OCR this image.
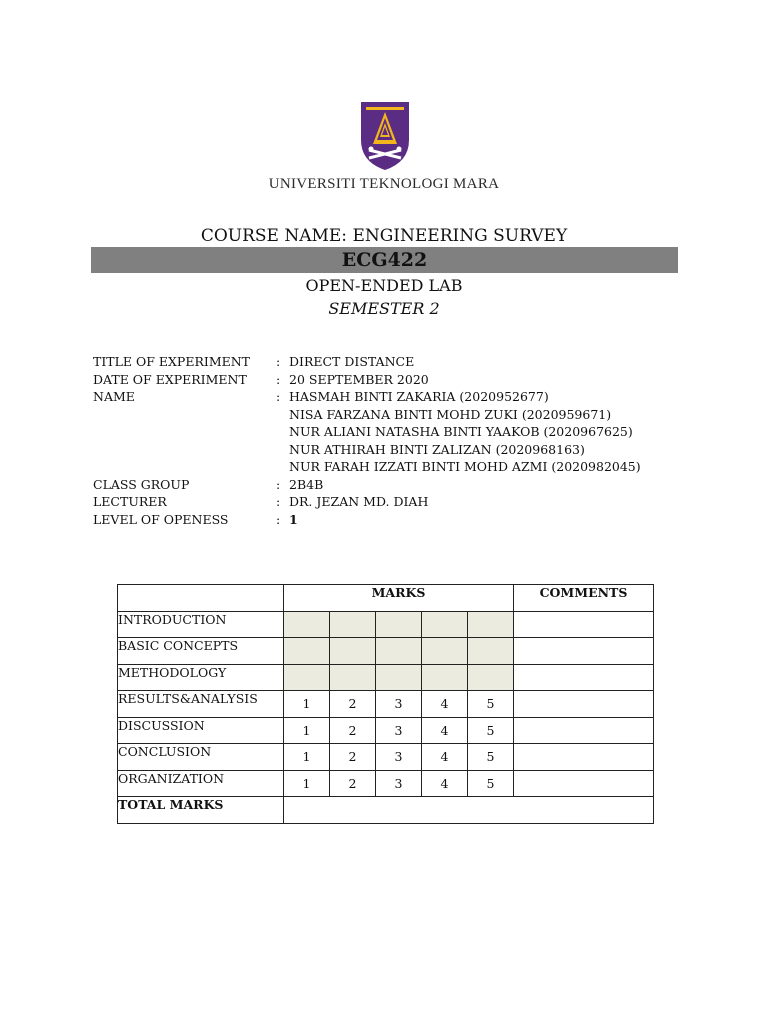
UNIVERSITI TEKNOLOGI MARA
COURSE NAME: ENGINEERING SURVEY
ECG422
OPEN-ENDED LAB
SEMESTER 2
TITLE OF EXPERIMENT	: DIRECT DISTANCE
DATE OF EXPERIMENT	: 20 SEPTEMBER 2020
NAME	: HASMAH BINTI ZAKARIA (2020952677)
NISA FARZANA BINTI MOHD ZUKI (2020959671)
NUR ALIANI NATASHA BINTI YAAKOB (2020967625)
NUR ATHIRAH BINTI ZALIZAN (2020968163)
NUR FARAH IZZATI BINTI MOHD AZMI (2020982045)
CLASS GROUP	: 2B4B
LECTURER	: DR. JEZAN MD. DIAH
LEVEL OF OPENESS	: 1
	MARKS					COMMENTS
INTRODUCTION						
BASIC CONCEPTS						
METHODOLOGY						
RESULTS&ANALYSIS	1	2	3	4	5	
DISCUSSION	1	2	3	4	5	
CONCLUSION	1	2	3	4	5	
ORGANIZATION	1	2	3	4	5	
TOTAL MARKS						
